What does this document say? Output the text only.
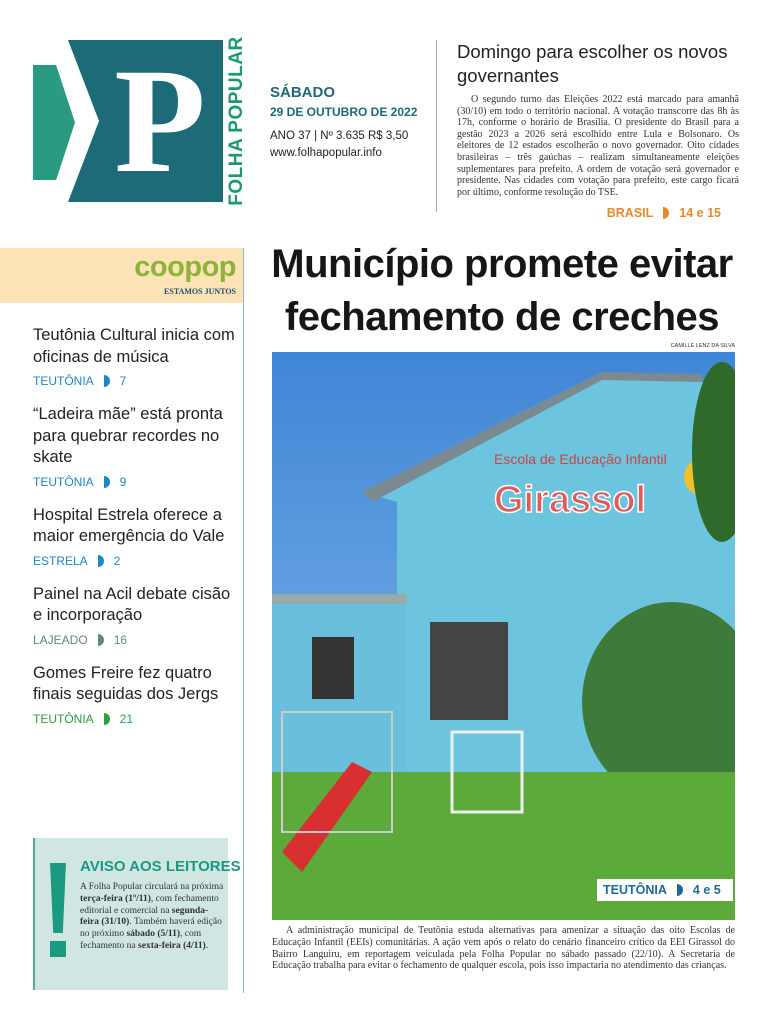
P	FOLHA POPULAR SÁBADO
29 DE OUTUBRO DE 2022
ANO 37 | Nº 3.635 R$ 3,50
www.folhapopular.info
Domingo para escolher os novos governantes
O segundo turno das Eleições 2022 está marcado para amanhã (30/10) em todo o território nacional. A votação transcorre das 8h às 17h, conforme o horário de Brasília. O presidente do Brasil para a gestão 2023 a 2026 será escolhido entre Lula e Bolsonaro. Os eleitores de 12 estados escolherão o novo governador. Oito cidades brasileiras – três gaúchas – realizam simultaneamente eleições suplementares para prefeito. A ordem de votação será governador e presidente. Nas cidades com votação para prefeito, este cargo ficará por último, conforme resolução do TSE.
BRASIL 14 e 15
coopop
ESTAMOS JUNTOS
Teutônia Cultural inicia com oficinas de música
TEUTÔNIA 7
“Ladeira mãe” está pronta para quebrar recordes no skate
TEUTÔNIA 9
Hospital Estrela oferece a maior emergência do Vale
ESTRELA 2
Painel na Acil debate cisão e incorporação
LAJEADO 16
Gomes Freire fez quatro finais seguidas dos Jergs
TEUTÔNIA 21
AVISO AOS LEITORES
A Folha Popular circulará na próxima terça-feira (1º/11), com fechamento editorial e comercial na segunda-feira (31/10). Também haverá edição no próximo sábado (5/11), com fechamento na sexta-feira (4/11).
Município promete evitar
fechamento de creches
CAMILLE LENZ DA SILVA
Escola de Educação Infantil
Girassol
TEUTÔNIA 4 e 5
A administração municipal de Teutônia estuda alternativas para amenizar a situação das oito Escolas de Educação Infantil (EEIs) comunitárias. A ação vem após o relato do cenário financeiro crítico da EEI Girassol do Bairro Languiru, em reportagem veiculada pela Folha Popular no sábado passado (22/10). A Secretaria de Educação trabalha para evitar o fechamento de qualquer escola, pois isso impactaria no atendimento das crianças.
